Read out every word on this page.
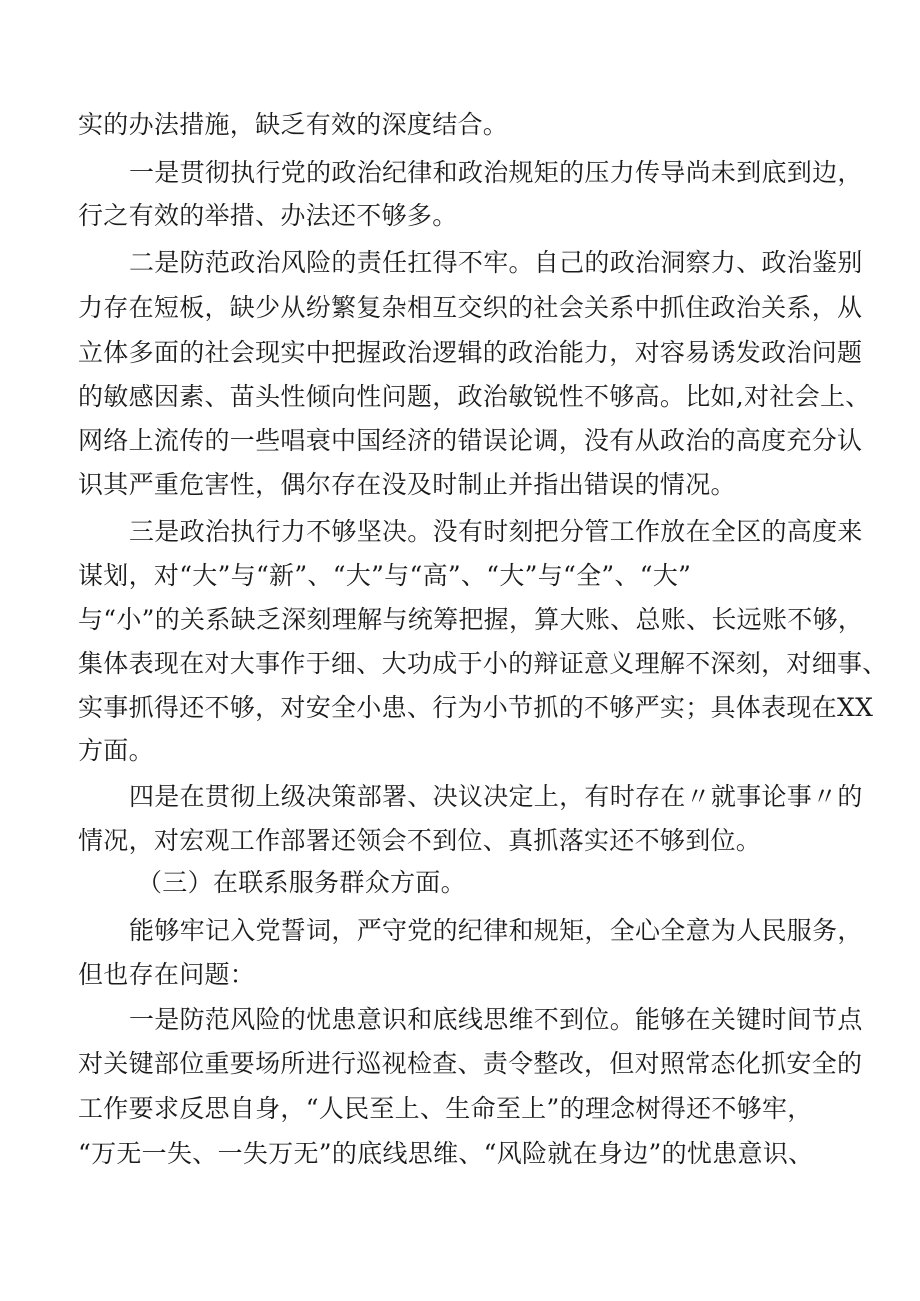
实的办法措施，缺乏有效的深度结合。
一是贯彻执行党的政治纪律和政治规矩的压力传导尚未到底到边，
行之有效的举措、办法还不够多。
二是防范政治风险的责任扛得不牢。自己的政治洞察力、政治鉴别
力存在短板，缺少从纷繁复杂相互交织的社会关系中抓住政治关系，从
立体多面的社会现实中把握政治逻辑的政治能力，对容易诱发政治问题
的敏感因素、苗头性倾向性问题，政治敏锐性不够高。比如,对社会上、
网络上流传的一些唱衰中国经济的错误论调，没有从政治的高度充分认
识其严重危害性，偶尔存在没及时制止并指出错误的情况。
三是政治执行力不够坚决。没有时刻把分管工作放在全区的高度来
谋划，对“大”与“新”、“大”与“高”、“大”与“全”、“大”
与“小”的关系缺乏深刻理解与统筹把握，算大账、总账、长远账不够，
集体表现在对大事作于细、大功成于小的辩证意义理解不深刻，对细事、
实事抓得还不够，对安全小患、行为小节抓的不够严实；具体表现在XX
方面。
四是在贯彻上级决策部署、决议决定上，有时存在〃就事论事〃的
情况，对宏观工作部署还领会不到位、真抓落实还不够到位。
（三）在联系服务群众方面。
能够牢记入党誓词，严守党的纪律和规矩，全心全意为人民服务，
但也存在问题：
一是防范风险的忧患意识和底线思维不到位。能够在关键时间节点
对关键部位重要场所进行巡视检查、责令整改，但对照常态化抓安全的
工作要求反思自身，“人民至上、生命至上”的理念树得还不够牢，
“万无一失、一失万无”的底线思维、“风险就在身边”的忧患意识、
